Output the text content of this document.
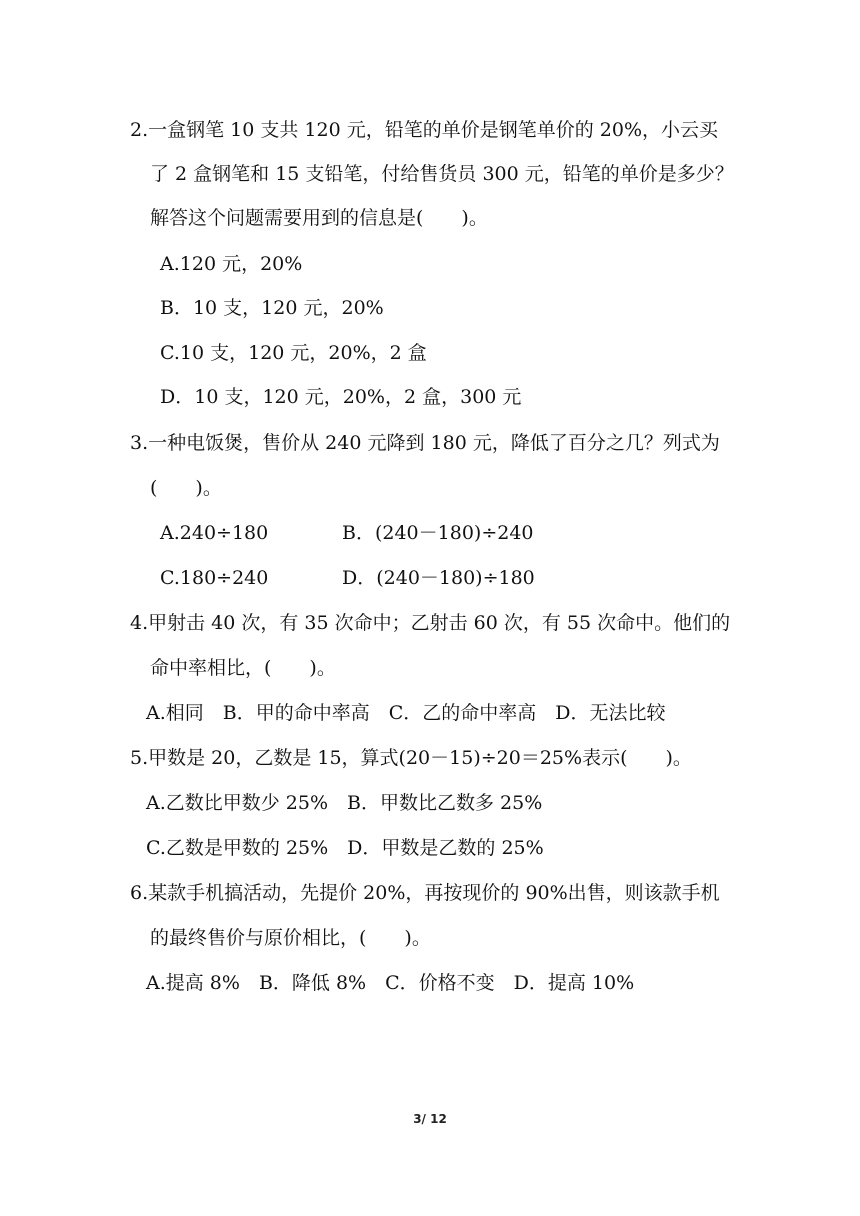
2.一盒钢笔 10 支共 120 元，铅笔的单价是钢笔单价的 20%，小云买
了 2 盒钢笔和 15 支铅笔，付给售货员 300 元，铅笔的单价是多少？
解答这个问题需要用到的信息是(　　)。
A.120 元，20%
B．10 支，120 元，20%
C.10 支，120 元，20%，2 盒
D．10 支，120 元，20%，2 盒，300 元
3.一种电饭煲，售价从 240 元降到 180 元，降低了百分之几？列式为
(　　)。
A.240÷180	B．(240－180)÷240
C.180÷240	D．(240－180)÷180
4.甲射击 40 次，有 35 次命中；乙射击 60 次，有 55 次命中。他们的
命中率相比，(　　)。
A.相同　B．甲的命中率高　C．乙的命中率高　D．无法比较
5.甲数是 20，乙数是 15，算式(20－15)÷20＝25%表示(　　)。
A.乙数比甲数少 25%　B．甲数比乙数多 25%
C.乙数是甲数的 25%　D．甲数是乙数的 25%
6.某款手机搞活动，先提价 20%，再按现价的 90%出售，则该款手机
的最终售价与原价相比，(　　)。
A.提高 8%　B．降低 8%　C．价格不变　D．提高 10%
3/ 12
